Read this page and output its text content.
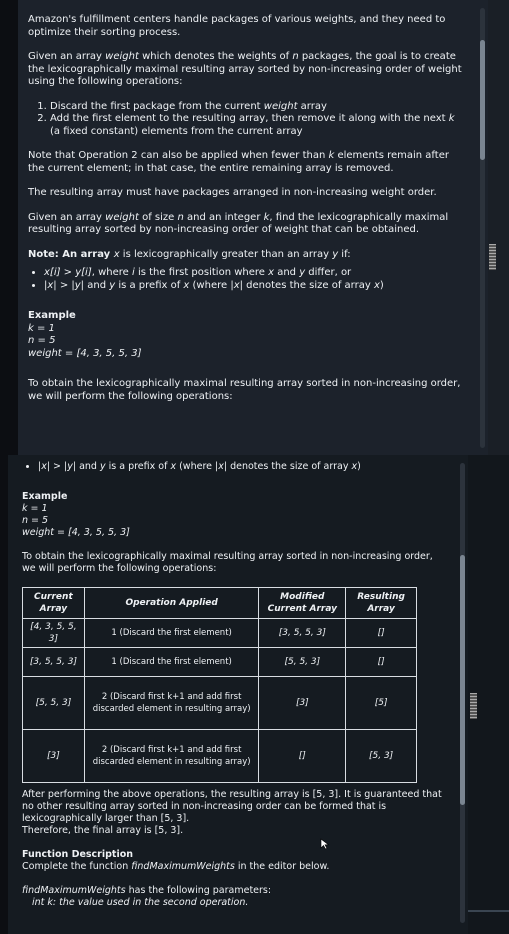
Amazon's fulfillment centers handle packages of various weights, and they need to optimize their sorting process.

Given an array weight which denotes the weights of n packages, the goal is to create the lexicographically maximal resulting array sorted by non-increasing order of weight using the following operations:

1. Discard the first package from the current weight array
2. Add the first element to the resulting array, then remove it along with the next k (a fixed constant) elements from the current array

Note that Operation 2 can also be applied when fewer than k elements remain after the current element; in that case, the entire remaining array is removed.

The resulting array must have packages arranged in non-increasing weight order.

Given an array weight of size n and an integer k, find the lexicographically maximal resulting array sorted by non-increasing order of weight that can be obtained.

Note: An array x is lexicographically greater than an array y if:

• x[i] > y[i], where i is the first position where x and y differ, or
• |x| > |y| and y is a prefix of x (where |x| denotes the size of array x)

Example

k = 1

n = 5

weight = [4, 3, 5, 5, 3]

To obtain the lexicographically maximal resulting array sorted in non-increasing order, we will perform the following operations:

• |x| > |y| and y is a prefix of x (where |x| denotes the size of array x)

Example

k = 1

n = 5

weight = [4, 3, 5, 5, 3]

To obtain the lexicographically maximal resulting array sorted in non-increasing order, we will perform the following operations:

Current Array	Operation Applied	Modified Current Array	Resulting Array
[4, 3, 5, 5, 3]	1 (Discard the first element)	[3, 5, 5, 3]	[]
[3, 5, 5, 3]	1 (Discard the first element)	[5, 5, 3]	[]
[5, 5, 3]	2 (Discard first k+1 and add first discarded element in resulting array)	[3]	[5]
[3]	2 (Discard first k+1 and add first discarded element in resulting array)	[]	[5, 3]

After performing the above operations, the resulting array is [5, 3]. It is guaranteed that no other resulting array sorted in non-increasing order can be formed that is lexicographically larger than [5, 3].

Therefore, the final array is [5, 3].

Function Description

Complete the function findMaximumWeights in the editor below.

findMaximumWeights has the following parameters:

int k: the value used in the second operation.
